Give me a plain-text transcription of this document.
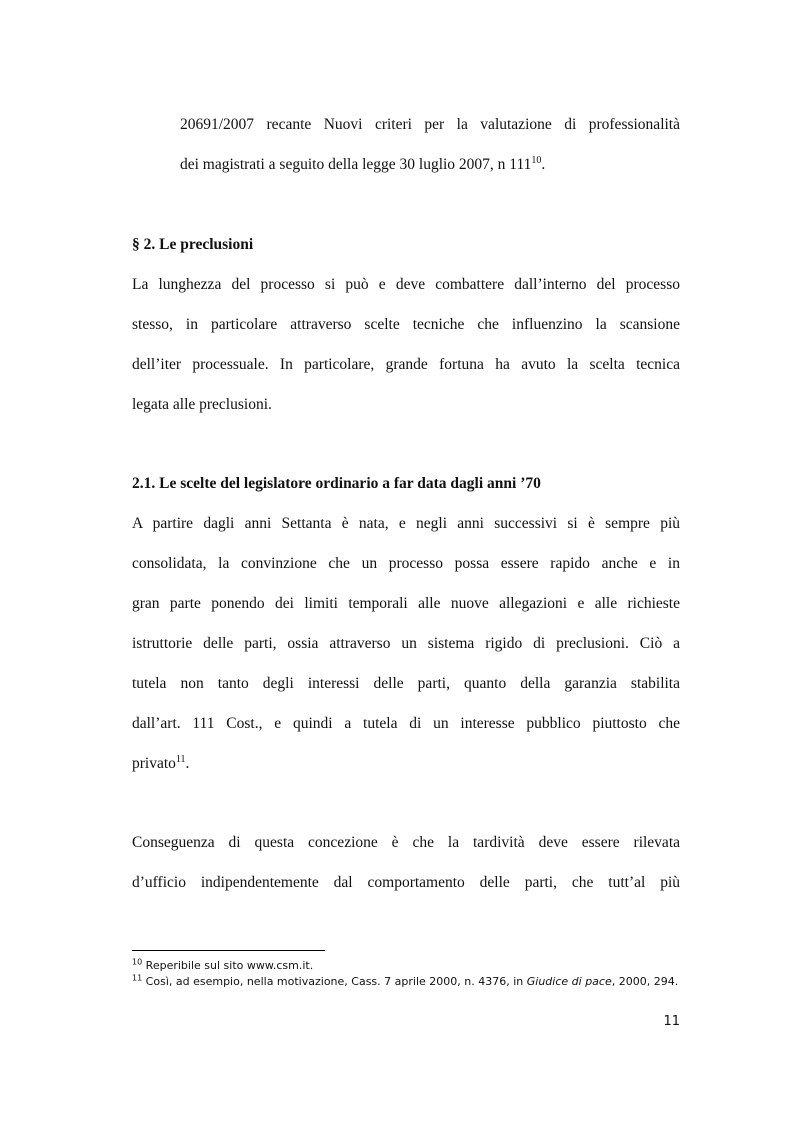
20691/2007 recante Nuovi criteri per la valutazione di professionalità
dei magistrati a seguito della legge 30 luglio 2007, n $111^{10}$.
§ 2. Le preclusioni
La lunghezza del processo si può e deve combattere dall’interno del processo
stesso, in particolare attraverso scelte tecniche che influenzino la scansione
dell’iter processuale. In particolare, grande fortuna ha avuto la scelta tecnica
legata alle preclusioni.
2.1. Le scelte del legislatore ordinario a far data dagli anni ’70
A partire dagli anni Settanta è nata, e negli anni successivi si è sempre più
consolidata, la convinzione che un processo possa essere rapido anche e in
gran parte ponendo dei limiti temporali alle nuove allegazioni e alle richieste
istruttorie delle parti, ossia attraverso un sistema rigido di preclusioni. Ciò a
tutela non tanto degli interessi delle parti, quanto della garanzia stabilita
dall’art. 111 Cost., e quindi a tutela di un interesse pubblico piuttosto che
privato$^{11}$.
Conseguenza di questa concezione è che la tardività deve essere rilevata
d’ufficio indipendentemente dal comportamento delle parti, che tutt’al più
$^{10}$ Reperibile sul sito www.csm.it.
$^{11}$ Così, ad esempio, nella motivazione, Cass. 7 aprile 2000, n. 4376, in Giudice di pace, 2000, 294.
11
